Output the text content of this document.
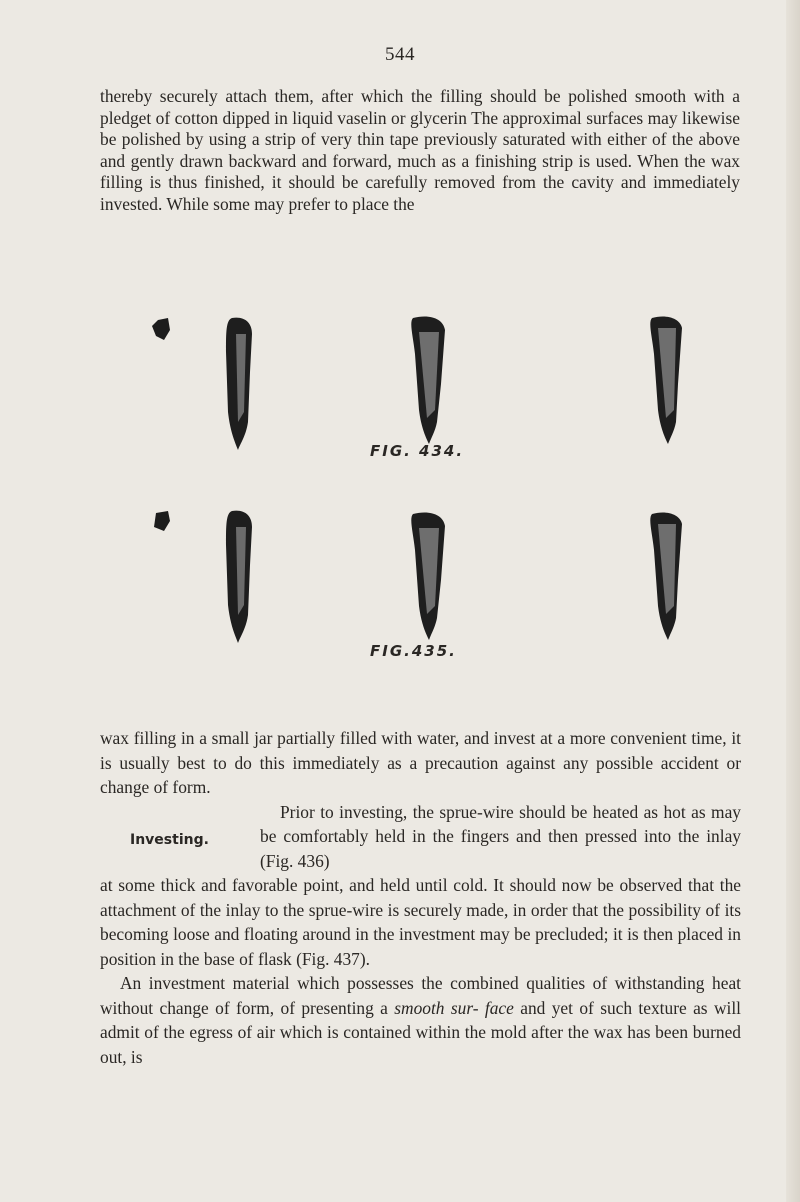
544

thereby securely attach them, after which the filling should be polished smooth with a pledget of cotton dipped in liquid vaselin or glycerin The approximal surfaces may likewise be polished by using a strip of very thin tape previously saturated with either of the above and gently drawn backward and forward, much as a finishing strip is used. When the wax filling is thus finished, it should be carefully removed from the cavity and immediately invested. While some may prefer to place the

FIG. 434.
FIG.435.

wax filling in a small jar partially filled with water, and invest at a more convenient time, it is usually best to do this immediately as a precaution against any possible accident or change of form.

Investing.

Prior to investing, the sprue-wire should be heated as hot as may be comfortably held in the fingers and then pressed into the inlay (Fig. 436)

at some thick and favorable point, and held until cold. It should now be observed that the attachment of the inlay to the sprue-wire is securely made, in order that the possibility of its becoming loose and floating around in the investment may be precluded; it is then placed in position in the base of flask (Fig. 437).

An investment material which possesses the combined qualities of withstanding heat without change of form, of presenting a smooth sur- face and yet of such texture as will admit of the egress of air which is contained within the mold after the wax has been burned out, is
